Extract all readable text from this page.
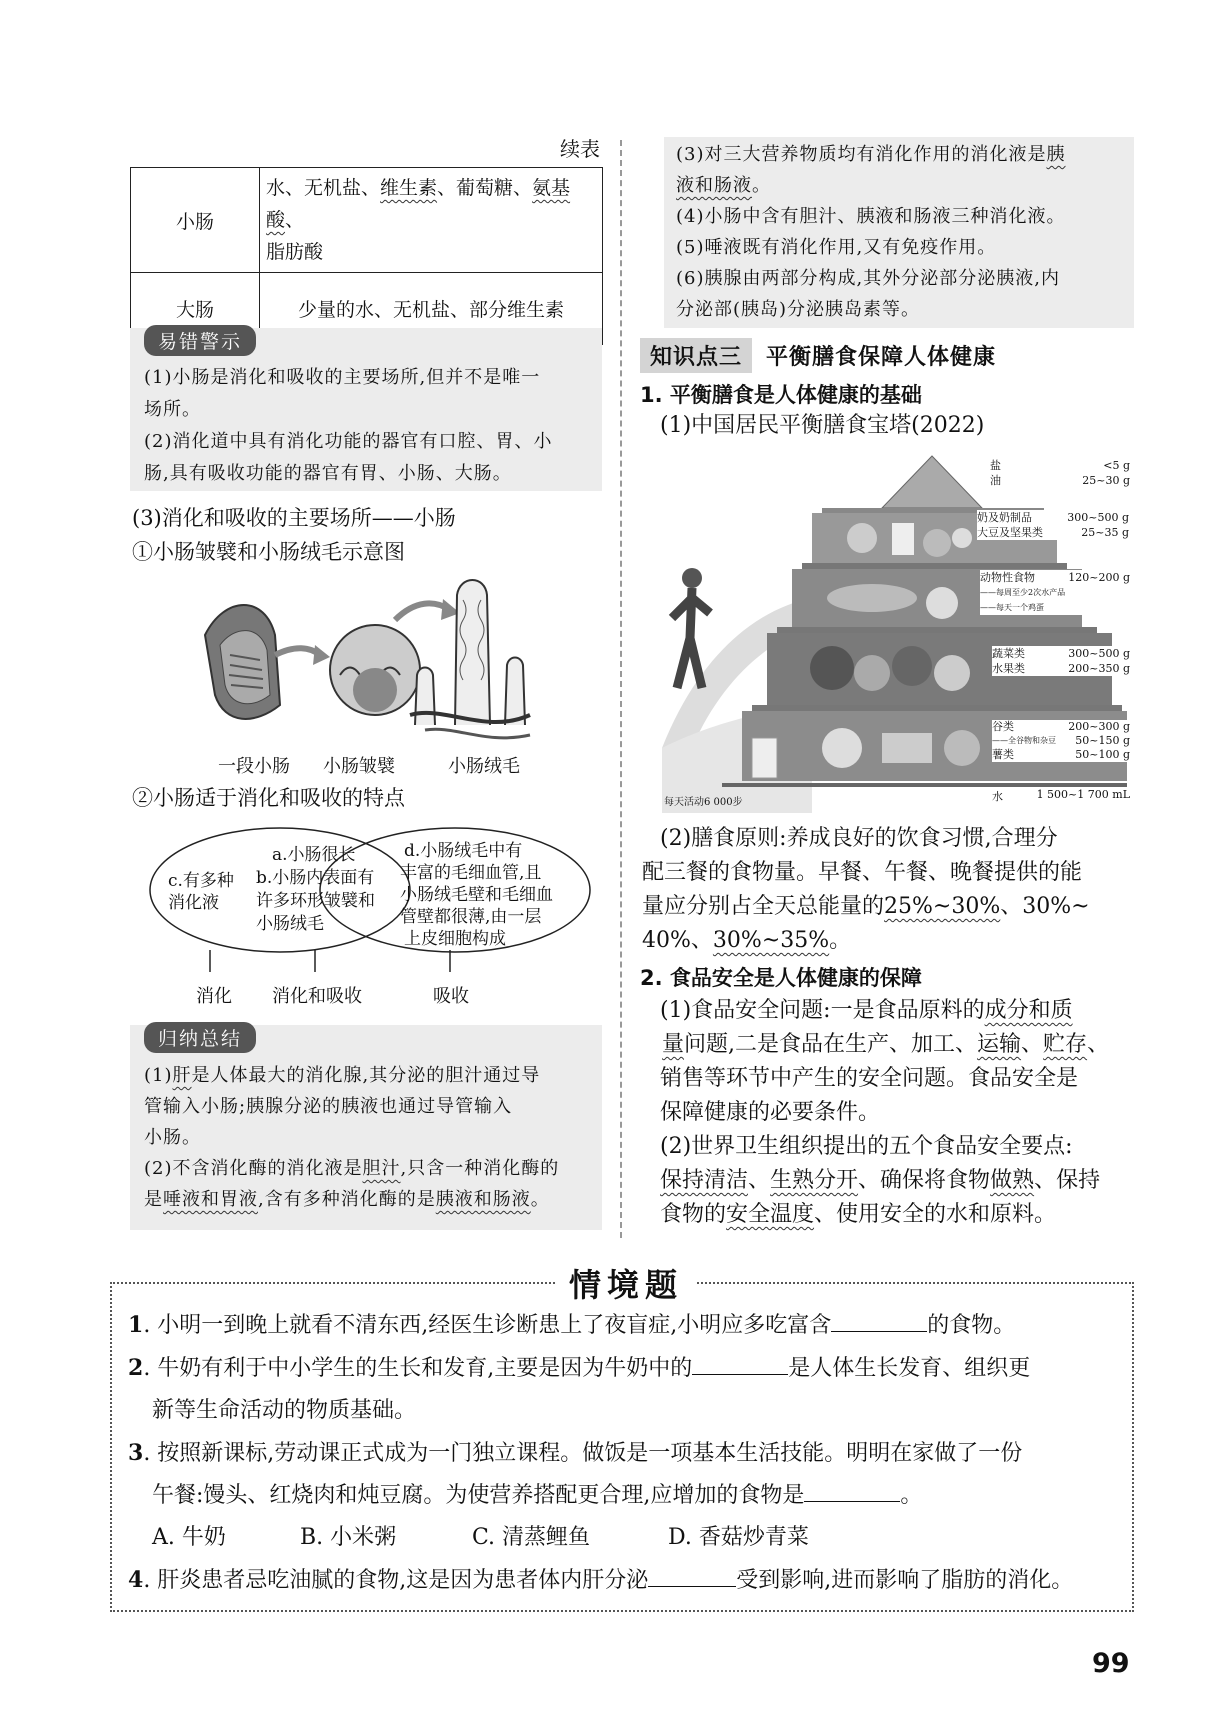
续表
小肠	水、无机盐、维生素、葡萄糖、氨基酸、
脂肪酸
大肠	少量的水、无机盐、部分维生素
易错警示

(1)小肠是消化和吸收的主要场所,但并不是唯一

场所。

(2)消化道中具有消化功能的器官有口腔、胃、小

肠,具有吸收功能的器官有胃、小肠、大肠。

(3)消化和吸收的主要场所——小肠
①小肠皱襞和小肠绒毛示意图
一段小肠 小肠皱襞	小肠绒毛
②小肠适于消化和吸收的特点
c.有多种
消化液
a.小肠很长
b.小肠内表面有
许多环形皱襞和
小肠绒毛
d.小肠绒毛中有
丰富的毛细血管,且
小肠绒毛壁和毛细血
管壁都很薄,由一层
上皮细胞构成
消化 消化和吸收	吸收
归纳总结

(1)肝是人体最大的消化腺,其分泌的胆汁通过导

管输入小肠;胰腺分泌的胰液也通过导管输入

小肠。

(2)不含消化酶的消化液是胆汁,只含一种消化酶的

是唾液和胃液,含有多种消化酶的是胰液和肠液。

(3)对三大营养物质均有消化作用的消化液是胰

液和肠液。

(4)小肠中含有胆汁、胰液和肠液三种消化液。

(5)唾液既有消化作用,又有免疫作用。

(6)胰腺由两部分构成,其外分泌部分泌胰液,内

分泌部(胰岛)分泌胰岛素等。

知识点三	平衡膳食保障人体健康
1. 平衡膳食是人体健康的基础
(1)中国居民平衡膳食宝塔(2022)
盐	<5 g
油	25~30 g
奶及奶制品	300~500 g
大豆及坚果类	25~35 g
动物性食物	120~200 g
——每周至少2次水产品
——每天一个鸡蛋
蔬菜类	300~500 g
水果类	200~350 g
谷类	200~300 g
——全谷物和杂豆 50~150 g
薯类	50~100 g
水	1 500~1 700 mL
每天活动6 000步

(2)膳食原则:养成良好的饮食习惯,合理分

配三餐的食物量。早餐、午餐、晚餐提供的能

量应分别占全天总能量的25%~30%、30%~

40%、30%~35%。

2. 食品安全是人体健康的保障

(1)食品安全问题:一是食品原料的成分和质

量问题,二是食品在生产、加工、运输、贮存、

销售等环节中产生的安全问题。食品安全是

保障健康的必要条件。

(2)世界卫生组织提出的五个食品安全要点:

保持清洁、生熟分开、确保将食物做熟、保持

食物的安全温度、使用安全的水和原料。

情境题

1. 小明一到晚上就看不清东西,经医生诊断患上了夜盲症,小明应多吃富含	的食物。

2. 牛奶有利于中小学生的生长和发育,主要是因为牛奶中的	是人体生长发育、组织更

新等生命活动的物质基础。

3. 按照新课标,劳动课正式成为一门独立课程。做饭是一项基本生活技能。明明在家做了一份

午餐:馒头、红烧肉和炖豆腐。为使营养搭配更合理,应增加的食物是	。

A. 牛奶	B. 小米粥	C. 清蒸鲤鱼	D. 香菇炒青菜

4. 肝炎患者忌吃油腻的食物,这是因为患者体内肝分泌	受到影响,进而影响了脂肪的消化。

99
